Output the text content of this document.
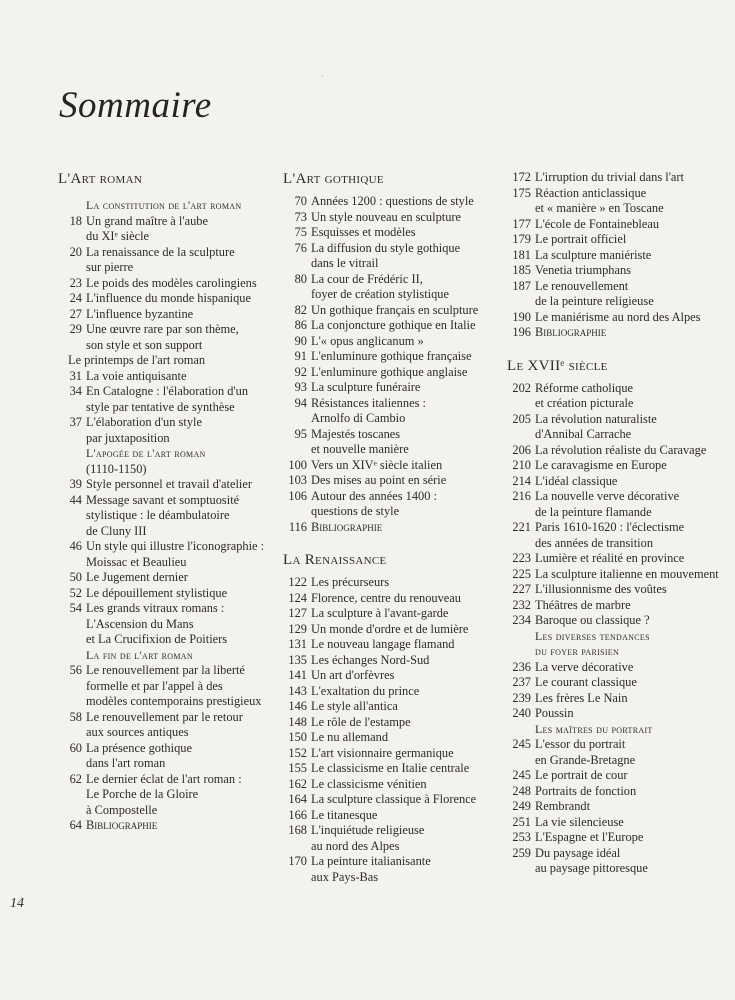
Sommaire
·
L'Art roman
La constitution de l'art roman
18 Un grand maître à l'aube
du XIᵉ siècle
20 La renaissance de la sculpture
sur pierre
23 Le poids des modèles carolingiens
24 L'influence du monde hispanique
27 L'influence byzantine
29 Une œuvre rare par son thème,
son style et son support
Le printemps de l'art roman
31 La voie antiquisante
34 En Catalogne : l'élaboration d'un
style par tentative de synthèse
37 L'élaboration d'un style
par juxtaposition
L'apogée de l'art roman
(1110-1150)
39 Style personnel et travail d'atelier
44 Message savant et somptuosité
stylistique : le déambulatoire
de Cluny III
46 Un style qui illustre l'iconographie :
Moissac et Beaulieu
50 Le Jugement dernier
52 Le dépouillement stylistique
54 Les grands vitraux romans :
L'Ascension du Mans
et La Crucifixion de Poitiers
La fin de l'art roman
56 Le renouvellement par la liberté
formelle et par l'appel à des
modèles contemporains prestigieux
58 Le renouvellement par le retour
aux sources antiques
60 La présence gothique
dans l'art roman
62 Le dernier éclat de l'art roman :
Le Porche de la Gloire
à Compostelle
64 Bibliographie
L'Art gothique
70 Années 1200 : questions de style
73 Un style nouveau en sculpture
75 Esquisses et modèles
76 La diffusion du style gothique
dans le vitrail
80 La cour de Frédéric II,
foyer de création stylistique
82 Un gothique français en sculpture
86 La conjoncture gothique en Italie
90 L'« opus anglicanum »
91 L'enluminure gothique française
92 L'enluminure gothique anglaise
93 La sculpture funéraire
94 Résistances italiennes :
Arnolfo di Cambio
95 Majestés toscanes
et nouvelle manière
100 Vers un XIVᵉ siècle italien
103 Des mises au point en série
106 Autour des années 1400 :
questions de style
116 Bibliographie
La Renaissance
122 Les précurseurs
124 Florence, centre du renouveau
127 La sculpture à l'avant-garde
129 Un monde d'ordre et de lumière
131 Le nouveau langage flamand
135 Les échanges Nord-Sud
141 Un art d'orfèvres
143 L'exaltation du prince
146 Le style all'antica
148 Le rôle de l'estampe
150 Le nu allemand
152 L'art visionnaire germanique
155 Le classicisme en Italie centrale
162 Le classicisme vénitien
164 La sculpture classique à Florence
166 Le titanesque
168 L'inquiétude religieuse
au nord des Alpes
170 La peinture italianisante
aux Pays-Bas
172 L'irruption du trivial dans l'art
175 Réaction anticlassique
et « manière » en Toscane
177 L'école de Fontainebleau
179 Le portrait officiel
181 La sculpture maniériste
185 Venetia triumphans
187 Le renouvellement
de la peinture religieuse
190 Le maniérisme au nord des Alpes
196 Bibliographie
Le XVIIᵉ siècle
202 Réforme catholique
et création picturale
205 La révolution naturaliste
d'Annibal Carrache
206 La révolution réaliste du Caravage
210 Le caravagisme en Europe
214 L'idéal classique
216 La nouvelle verve décorative
de la peinture flamande
221 Paris 1610-1620 : l'éclectisme
des années de transition
223 Lumière et réalité en province
225 La sculpture italienne en mouvement
227 L'illusionnisme des voûtes
232 Théâtres de marbre
234 Baroque ou classique ?
Les diverses tendances
du foyer parisien
236 La verve décorative
237 Le courant classique
239 Les frères Le Nain
240 Poussin
Les maîtres du portrait
245 L'essor du portrait
en Grande-Bretagne
245 Le portrait de cour
248 Portraits de fonction
249 Rembrandt
251 La vie silencieuse
253 L'Espagne et l'Europe
259 Du paysage idéal
au paysage pittoresque
14
